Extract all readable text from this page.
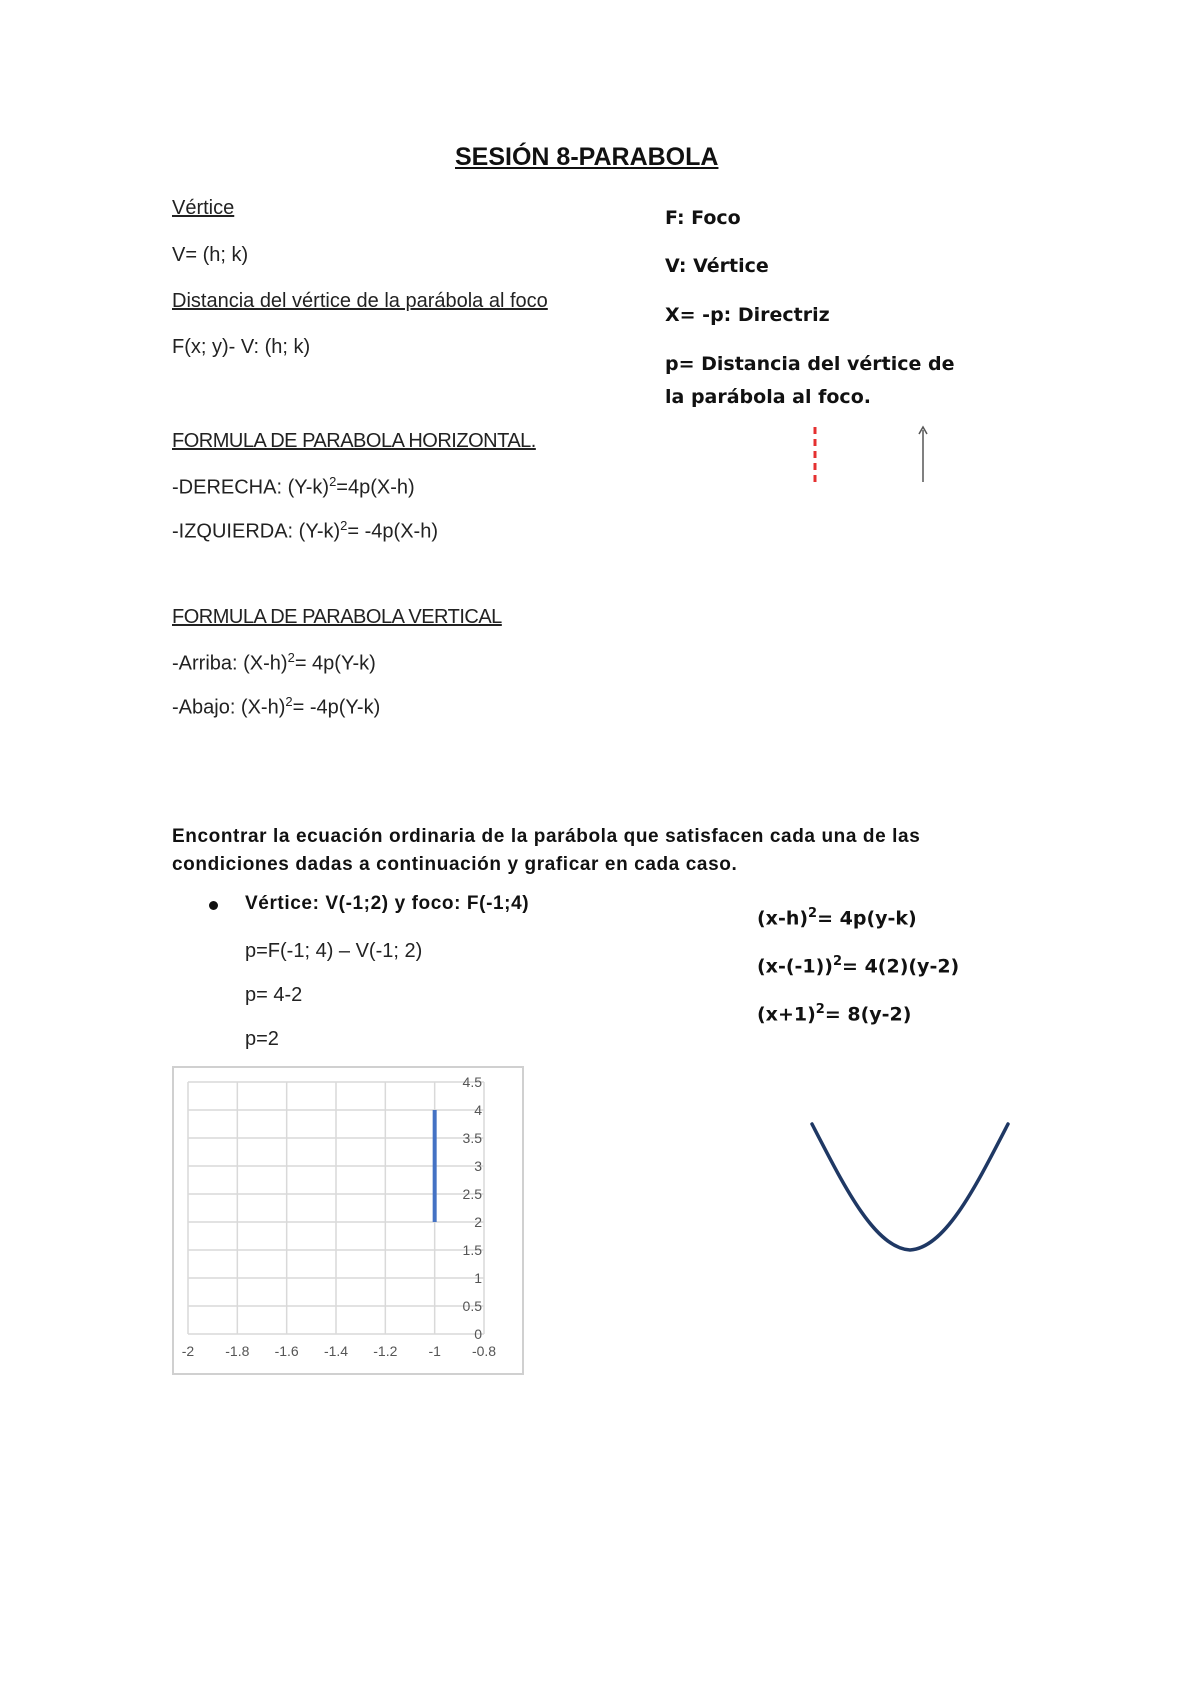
SESIÓN 8-PARABOLA
Vértice
V= (h; k)
Distancia del vértice de la parábola al foco
F(x; y)- V: (h; k)
FORMULA DE PARABOLA HORIZONTAL.
-DERECHA: $(Y-k)^2=4p(X-h)$
-IZQUIERDA: $(Y-k)^2= -4p(X-h)$
FORMULA DE PARABOLA VERTICAL
-Arriba: $(X-h)^2= 4p(Y-k)$
-Abajo: $(X-h)^2= -4p(Y-k)$
F: Foco
V: Vértice
X= -p: Directriz
p= Distancia del vértice de
la parábola al foco.
Encontrar la ecuación ordinaria de la parábola que satisfacen cada una de las
condiciones dadas a continuación y graficar en cada caso.
Vértice: V(-1;2) y foco: F(-1;4)
p=F(-1; 4) – V(-1; 2)
p= 4-2
p=2
$(x-h)^2= 4p(y-k)$
$(x-(-1))^2= 4(2)(y-2)$
$(x+1)^2= 8(y-2)$
0
0.5
1
1.5
2
2.5
3
3.5
4
4.5
-2 -1.8 -1.6 -1.4 -1.2 -1 -0.8
